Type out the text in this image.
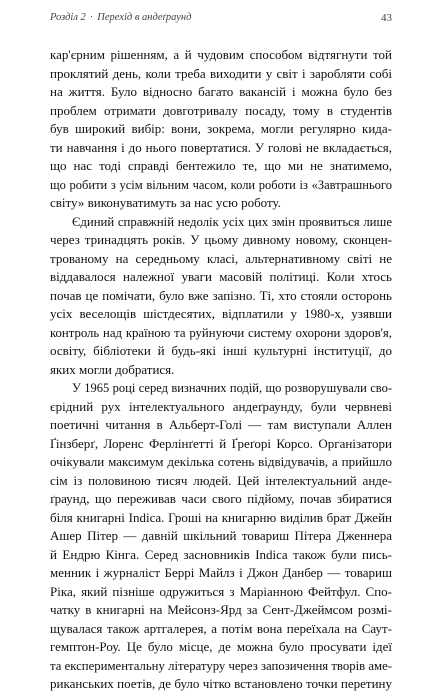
Розділ 2 · Перехід в андеґраунд	43
кар'єрним рішенням, а й чудовим способом відтягнути той
проклятий день, коли треба виходити у світ і заробляти собі
на життя. Було відносно багато вакансій і можна було без
проблем отримати довготривалу посаду, тому в студентів
був широкий вибір: вони, зокрема, могли регулярно кида-
ти навчання і до нього повертатися. У голові не вкладається,
що нас тоді справді бентежило те, що ми не знатимемо,
що робити з усім вільним часом, коли роботи із «Завтрашнього
світу» виконуватимуть за нас усю роботу.
Єдиний справжній недолік усіх цих змін проявиться лише
через тринадцять років. У цьому дивному новому, сконцен-
трованому на середньому класі, альтернативному світі не
віддавалося належної уваги масовій політиці. Коли хтось
почав це помічати, було вже запізно. Ті, хто стояли осторонь
усіх веселощів шістдесятих, відплатили у 1980-х, узявши
контроль над країною та руйнуючи систему охорони здоров'я,
освіту, бібліотеки й будь-які інші культурні інституції, до
яких могли добратися.
У 1965 році серед визначних подій, що розворушували сво-
єрідний рух інтелектуального андеґраунду, були червневі
поетичні читання в Альберт-Голі — там виступали Аллен
Ґінзберґ, Лоренс Ферлінґетті й Ґреґорі Корсо. Організатори
очікували максимум декілька сотень відвідувачів, а прийшло
сім із половиною тисяч людей. Цей інтелектуальний анде-
ґраунд, що переживав часи свого підйому, почав збиратися
біля книгарні Indica. Гроші на книгарню виділив брат Джейн
Ашер Пітер — давній шкільний товариш Пітера Дженнера
й Ендрю Кінга. Серед засновників Indica також були пись-
менник і журналіст Беррі Майлз і Джон Данбер — товариш
Ріка, який пізніше одружиться з Маріанною Фейтфул. Спо-
чатку в книгарні на Мейсонз-Ярд за Сент-Джеймсом розмі-
щувалася також артгалерея, а потім вона переїхала на Саут-
гемптон-Роу. Це було місце, де можна було просувати ідеї
та експериментальну літературу через запозичення творів аме-
риканських поетів, де було чітко встановлено точки перетину
